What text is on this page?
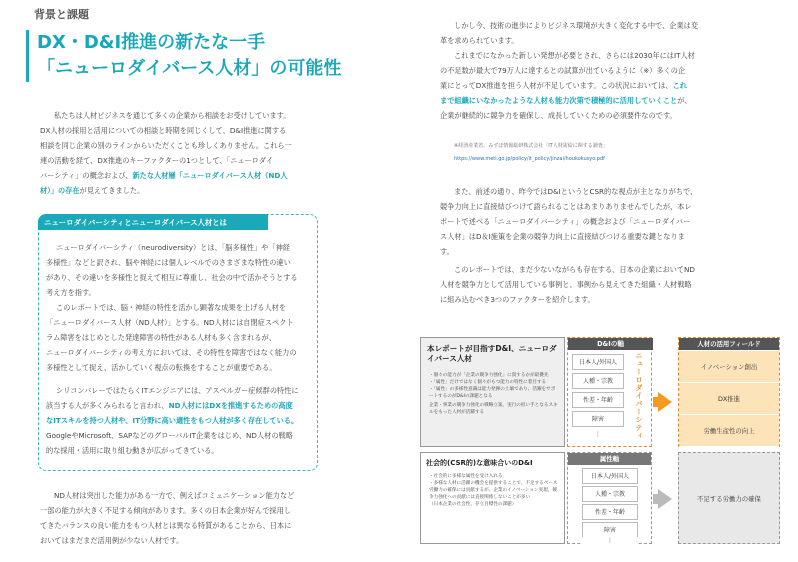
背景と課題
DX・D&I推進の新たな一手
「ニューロダイバース人材」の可能性
私たちは人材ビジネスを通じて多くの企業から相談をお受けしています。
DX人材の採用と活用についての相談と時期を同じくして、D&I推進に関する
相談を同じ企業の別のラインからいただくことも珍しくありません。これら一
連の活動を経て、DX推進のキーファクターの1つとして、「ニューロダイ
バーシティ」の概念および、新たな人材層「ニューロダイバース人材（ND人
材）」の存在が見えてきました。
ニューロダイバーシティとニューロダイバース人材とは
ニューロダイバーシティ（neurodiversity）とは、「脳多様性」や「神経
多様性」などと訳され、脳や神経には個人レベルでのさまざまな特性の違い
があり、その違いを多様性と捉えて相互に尊重し、社会の中で活かそうとする
考え方を指す。
このレポートでは、脳・神経の特性を活かし顕著な成果を上げる人材を
「ニューロダイバース人材（ND人材）」とする。ND人材には自閉症スペクト
ラム障害をはじめとした発達障害の特性がある人材も多く含まれるが、
ニューロダイバーシティの考え方においては、その特性を障害ではなく能力の
多様性として捉え、活かしていく視点の転換をすることが重要である。
シリコンバレーではたらくITエンジニアには、アスペルガー症候群の特性に
該当する人が多くみられると言われ、ND人材にはDXを推進するための高度
なITスキルを持つ人材や、IT分野に高い適性をもつ人材が多く存在している。
GoogleやMicrosoft、SAPなどのグローバルIT企業をはじめ、ND人材の戦略
的な採用・活用に取り組む動きが広がってきている。
ND人材は突出した能力がある一方で、例えばコミュニケーション能力など
一部の能力が大きく不足する傾向があります。多くの日本企業が好んで採用し
てきたバランスの良い能力をもつ人材とは異なる特質があることから、日本に
おいてはまだまだ活用例が少ない人材です。
しかし今、技術の進歩によりビジネス環境が大きく変化する中で、企業は変
革を求められています。
これまでになかった新しい発想が必要とされ、さらには2030年にはIT人材
の不足数が最大で79万人に達するとの試算が出ているように（※）多くの企
業にとってDX推進を担う人材が不足しています。この状況においては、これ
まで組織にいなかったような人材も能力次第で積極的に活用していくことが、
企業が継続的に競争力を確保し、成長していくための必須要件なのです。
※経済産業省、みずほ情報総研株式会社「IT人材需給に関する調査」
https://www.meti.go.jp/policy/it_policy/jinzai/houkokusyo.pdf
また、前述の通り、昨今ではD&IというとCSR的な視点が主となりがちで、
競争力向上に直接結びつけて語られることはあまりありませんでしたが、本レ
ポートで述べる「ニューロダイバーシティ」の概念および「ニューロダイバー
ス人材」はD＆I施策を企業の競争力向上に直接結びつける重要な鍵となりま
す。
このレポートでは、まだ少ないながらも存在する、日本の企業においてND
人材を競争力として活用している事例と、事例から見えてきた組織・人材戦略
に組み込むべき3つのファクターを紹介します。
本レポートが目指すD&I、ニューロダイバース人材
・個々の能力が「企業の競争力強化」に資するかが最優先
・「属性」だけではなく個々がもつ能力の特性に着目する
・「属性」の多様性意識は能力発揮の土壌であり、活躍をサポートするのがD&Iの課題となる
企業・事業の競争力強化の戦略立案。実行の担い手となるスキルをもった人材が活躍する
社会的(CSR的)な意味合いのD&I
・社会的に多様な属性を受け入れる
・多様な人材に活躍の機会を提供することで、不足するベース労働力の確保には貢献するが、企業のイノベーション実現、競争力強化への貢献には直接関係しないことが多い
（日本企業の社会性、存立目標性の課題）
D&Iの軸
日本人/外国人
人種・宗教
性差・年齢
障害
⋮	ニューロダイバーシティ
人材の活用フィールド
イノベーション創出
DX推進
労働生産性の向上
属性軸
日本人/外国人
人種・宗教
性差・年齢
障害
⋮
不足する労働力の確保
